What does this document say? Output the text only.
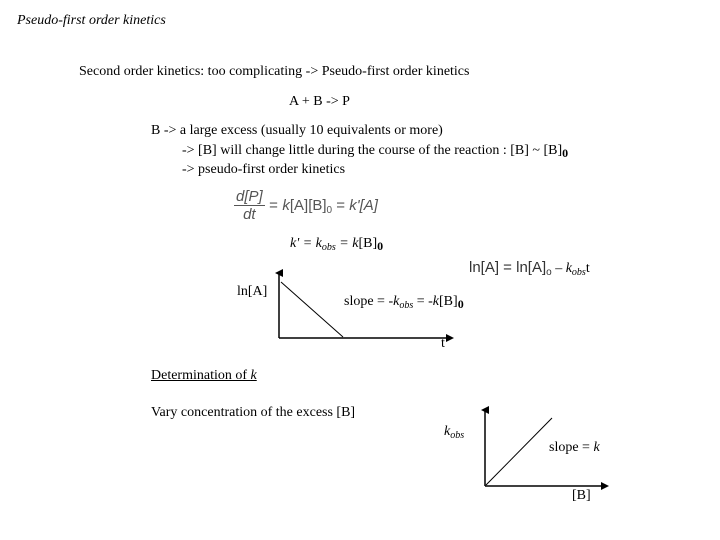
Pseudo-first order kinetics
Second order kinetics: too complicating -> Pseudo-first order kinetics
A + B -> P
B -> a large excess (usually 10 equivalents or more)
-> [B] will change little during the course of the reaction : [B] ~ $[B]_0$
-> pseudo-first order kinetics
$\frac{d[P]}{dt} = k[A][B]_0 = k'[A]$
$k' = k_{obs} = k[B]_0$
$\ln[A] = \ln[A]_o - k_{obs}t$
ln[A]
slope = $-k_{obs} = -k[B]_0$
t
Determination of k
Vary concentration of the excess [B]
$k_{obs}$
slope = k
[B]
